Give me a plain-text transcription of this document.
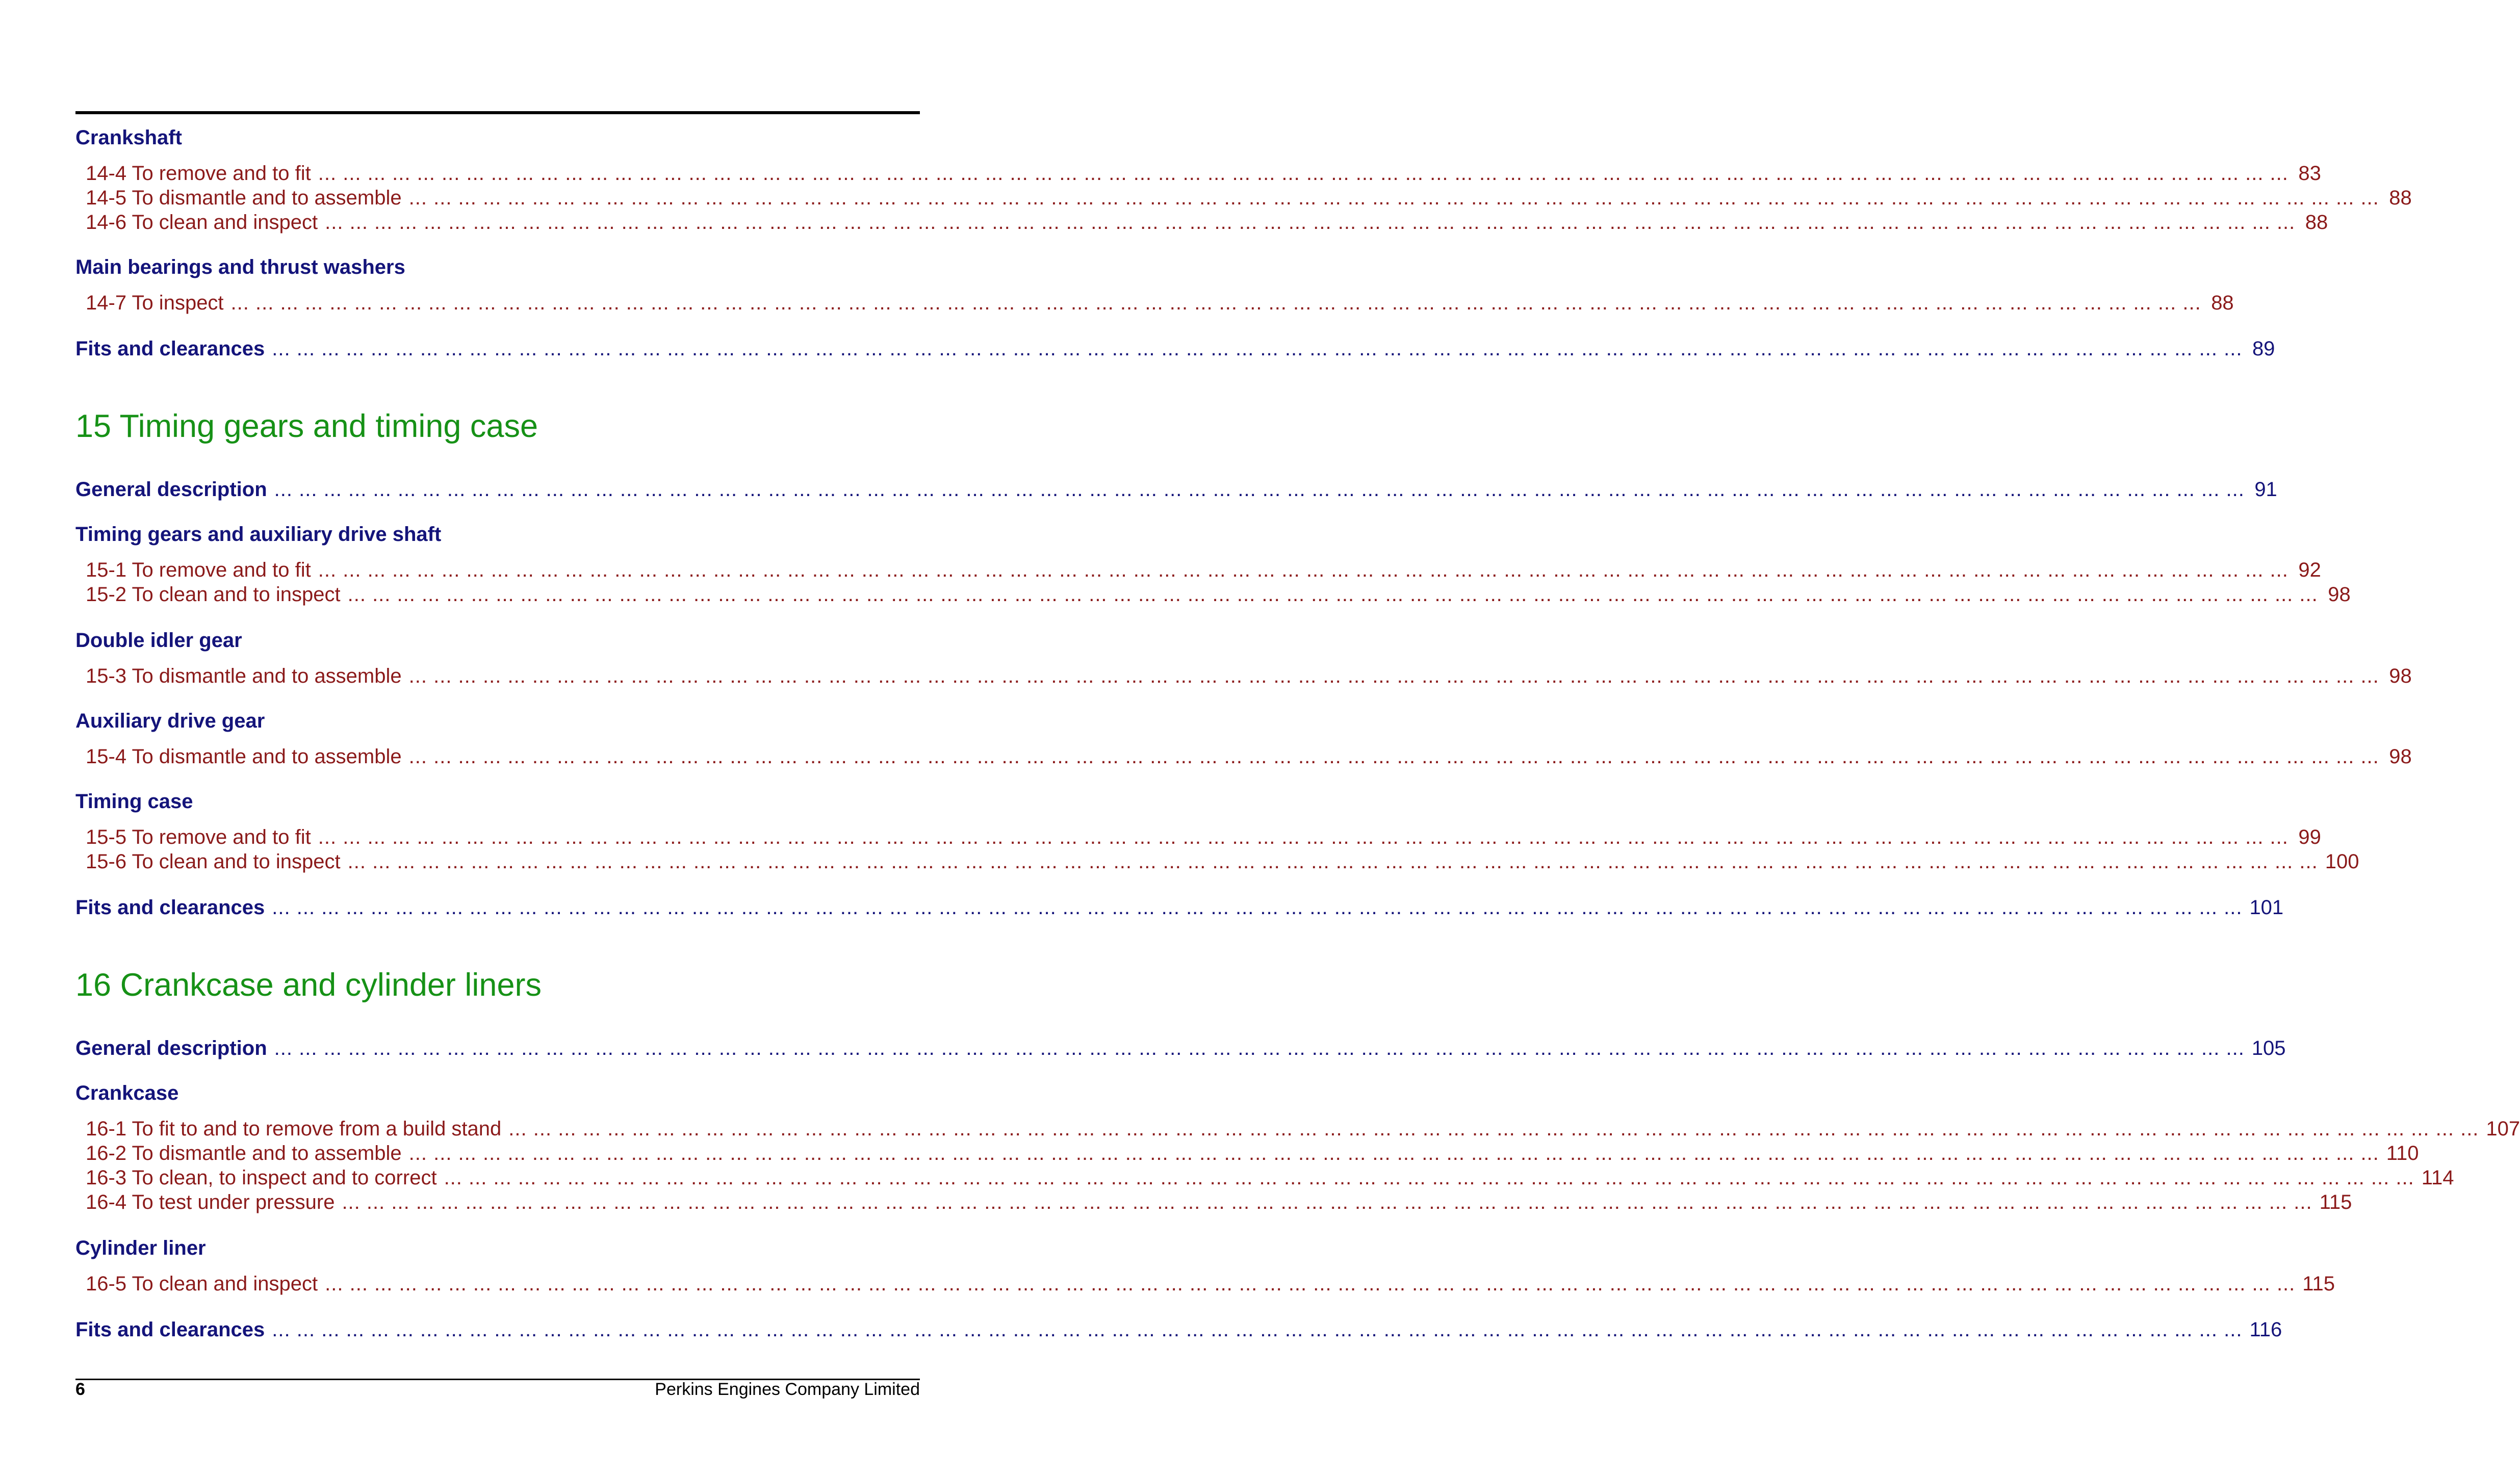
Crankshaft
14-4 To remove and to fit ... ... ... ... ... ... ... ... ... ... ... ... ... ... ... ... ... ... ... ... ... ... ... ... ... ... ... ... ... ... ... ... ... ... ... ... ... ... ... ... ... ... ... ... ... ... ... ... ... ... ... ... ... ... ... ... ... ... ... ... ... ... ... ... ... ... ... ... ... ... ... ... ... ... ... ... ... ... ... ... 83
14-5 To dismantle and to assemble ... ... ... ... ... ... ... ... ... ... ... ... ... ... ... ... ... ... ... ... ... ... ... ... ... ... ... ... ... ... ... ... ... ... ... ... ... ... ... ... ... ... ... ... ... ... ... ... ... ... ... ... ... ... ... ... ... ... ... ... ... ... ... ... ... ... ... ... ... ... ... ... ... ... ... ... ... ... ... ... 88
14-6 To clean and inspect ... ... ... ... ... ... ... ... ... ... ... ... ... ... ... ... ... ... ... ... ... ... ... ... ... ... ... ... ... ... ... ... ... ... ... ... ... ... ... ... ... ... ... ... ... ... ... ... ... ... ... ... ... ... ... ... ... ... ... ... ... ... ... ... ... ... ... ... ... ... ... ... ... ... ... ... ... ... ... ... 88
Main bearings and thrust washers
14-7 To inspect ... ... ... ... ... ... ... ... ... ... ... ... ... ... ... ... ... ... ... ... ... ... ... ... ... ... ... ... ... ... ... ... ... ... ... ... ... ... ... ... ... ... ... ... ... ... ... ... ... ... ... ... ... ... ... ... ... ... ... ... ... ... ... ... ... ... ... ... ... ... ... ... ... ... ... ... ... ... ... ... 88
Fits and clearances ... ... ... ... ... ... ... ... ... ... ... ... ... ... ... ... ... ... ... ... ... ... ... ... ... ... ... ... ... ... ... ... ... ... ... ... ... ... ... ... ... ... ... ... ... ... ... ... ... ... ... ... ... ... ... ... ... ... ... ... ... ... ... ... ... ... ... ... ... ... ... ... ... ... ... ... ... ... ... ... 89
15 Timing gears and timing case
General description ... ... ... ... ... ... ... ... ... ... ... ... ... ... ... ... ... ... ... ... ... ... ... ... ... ... ... ... ... ... ... ... ... ... ... ... ... ... ... ... ... ... ... ... ... ... ... ... ... ... ... ... ... ... ... ... ... ... ... ... ... ... ... ... ... ... ... ... ... ... ... ... ... ... ... ... ... ... ... ... 91
Timing gears and auxiliary drive shaft
15-1 To remove and to fit ... ... ... ... ... ... ... ... ... ... ... ... ... ... ... ... ... ... ... ... ... ... ... ... ... ... ... ... ... ... ... ... ... ... ... ... ... ... ... ... ... ... ... ... ... ... ... ... ... ... ... ... ... ... ... ... ... ... ... ... ... ... ... ... ... ... ... ... ... ... ... ... ... ... ... ... ... ... ... ... 92
15-2 To clean and to inspect ... ... ... ... ... ... ... ... ... ... ... ... ... ... ... ... ... ... ... ... ... ... ... ... ... ... ... ... ... ... ... ... ... ... ... ... ... ... ... ... ... ... ... ... ... ... ... ... ... ... ... ... ... ... ... ... ... ... ... ... ... ... ... ... ... ... ... ... ... ... ... ... ... ... ... ... ... ... ... ... 98
Double idler gear
15-3 To dismantle and to assemble ... ... ... ... ... ... ... ... ... ... ... ... ... ... ... ... ... ... ... ... ... ... ... ... ... ... ... ... ... ... ... ... ... ... ... ... ... ... ... ... ... ... ... ... ... ... ... ... ... ... ... ... ... ... ... ... ... ... ... ... ... ... ... ... ... ... ... ... ... ... ... ... ... ... ... ... ... ... ... ... 98
Auxiliary drive gear
15-4 To dismantle and to assemble ... ... ... ... ... ... ... ... ... ... ... ... ... ... ... ... ... ... ... ... ... ... ... ... ... ... ... ... ... ... ... ... ... ... ... ... ... ... ... ... ... ... ... ... ... ... ... ... ... ... ... ... ... ... ... ... ... ... ... ... ... ... ... ... ... ... ... ... ... ... ... ... ... ... ... ... ... ... ... ... 98
Timing case
15-5 To remove and to fit ... ... ... ... ... ... ... ... ... ... ... ... ... ... ... ... ... ... ... ... ... ... ... ... ... ... ... ... ... ... ... ... ... ... ... ... ... ... ... ... ... ... ... ... ... ... ... ... ... ... ... ... ... ... ... ... ... ... ... ... ... ... ... ... ... ... ... ... ... ... ... ... ... ... ... ... ... ... ... ... 99
15-6 To clean and to inspect ... ... ... ... ... ... ... ... ... ... ... ... ... ... ... ... ... ... ... ... ... ... ... ... ... ... ... ... ... ... ... ... ... ... ... ... ... ... ... ... ... ... ... ... ... ... ... ... ... ... ... ... ... ... ... ... ... ... ... ... ... ... ... ... ... ... ... ... ... ... ... ... ... ... ... ... ... ... ... ... 100
Fits and clearances ... ... ... ... ... ... ... ... ... ... ... ... ... ... ... ... ... ... ... ... ... ... ... ... ... ... ... ... ... ... ... ... ... ... ... ... ... ... ... ... ... ... ... ... ... ... ... ... ... ... ... ... ... ... ... ... ... ... ... ... ... ... ... ... ... ... ... ... ... ... ... ... ... ... ... ... ... ... ... ... 101
16 Crankcase and cylinder liners
General description ... ... ... ... ... ... ... ... ... ... ... ... ... ... ... ... ... ... ... ... ... ... ... ... ... ... ... ... ... ... ... ... ... ... ... ... ... ... ... ... ... ... ... ... ... ... ... ... ... ... ... ... ... ... ... ... ... ... ... ... ... ... ... ... ... ... ... ... ... ... ... ... ... ... ... ... ... ... ... ... 105
Crankcase
16-1 To fit to and to remove from a build stand ... ... ... ... ... ... ... ... ... ... ... ... ... ... ... ... ... ... ... ... ... ... ... ... ... ... ... ... ... ... ... ... ... ... ... ... ... ... ... ... ... ... ... ... ... ... ... ... ... ... ... ... ... ... ... ... ... ... ... ... ... ... ... ... ... ... ... ... ... ... ... ... ... ... ... ... ... ... ... ... 107
16-2 To dismantle and to assemble ... ... ... ... ... ... ... ... ... ... ... ... ... ... ... ... ... ... ... ... ... ... ... ... ... ... ... ... ... ... ... ... ... ... ... ... ... ... ... ... ... ... ... ... ... ... ... ... ... ... ... ... ... ... ... ... ... ... ... ... ... ... ... ... ... ... ... ... ... ... ... ... ... ... ... ... ... ... ... ... 110
16-3 To clean, to inspect and to correct ... ... ... ... ... ... ... ... ... ... ... ... ... ... ... ... ... ... ... ... ... ... ... ... ... ... ... ... ... ... ... ... ... ... ... ... ... ... ... ... ... ... ... ... ... ... ... ... ... ... ... ... ... ... ... ... ... ... ... ... ... ... ... ... ... ... ... ... ... ... ... ... ... ... ... ... ... ... ... ... 114
16-4 To test under pressure ... ... ... ... ... ... ... ... ... ... ... ... ... ... ... ... ... ... ... ... ... ... ... ... ... ... ... ... ... ... ... ... ... ... ... ... ... ... ... ... ... ... ... ... ... ... ... ... ... ... ... ... ... ... ... ... ... ... ... ... ... ... ... ... ... ... ... ... ... ... ... ... ... ... ... ... ... ... ... ... 115
Cylinder liner
16-5 To clean and inspect ... ... ... ... ... ... ... ... ... ... ... ... ... ... ... ... ... ... ... ... ... ... ... ... ... ... ... ... ... ... ... ... ... ... ... ... ... ... ... ... ... ... ... ... ... ... ... ... ... ... ... ... ... ... ... ... ... ... ... ... ... ... ... ... ... ... ... ... ... ... ... ... ... ... ... ... ... ... ... ... 115
Fits and clearances ... ... ... ... ... ... ... ... ... ... ... ... ... ... ... ... ... ... ... ... ... ... ... ... ... ... ... ... ... ... ... ... ... ... ... ... ... ... ... ... ... ... ... ... ... ... ... ... ... ... ... ... ... ... ... ... ... ... ... ... ... ... ... ... ... ... ... ... ... ... ... ... ... ... ... ... ... ... ... ... 116
6	Perkins Engines Company Limited
